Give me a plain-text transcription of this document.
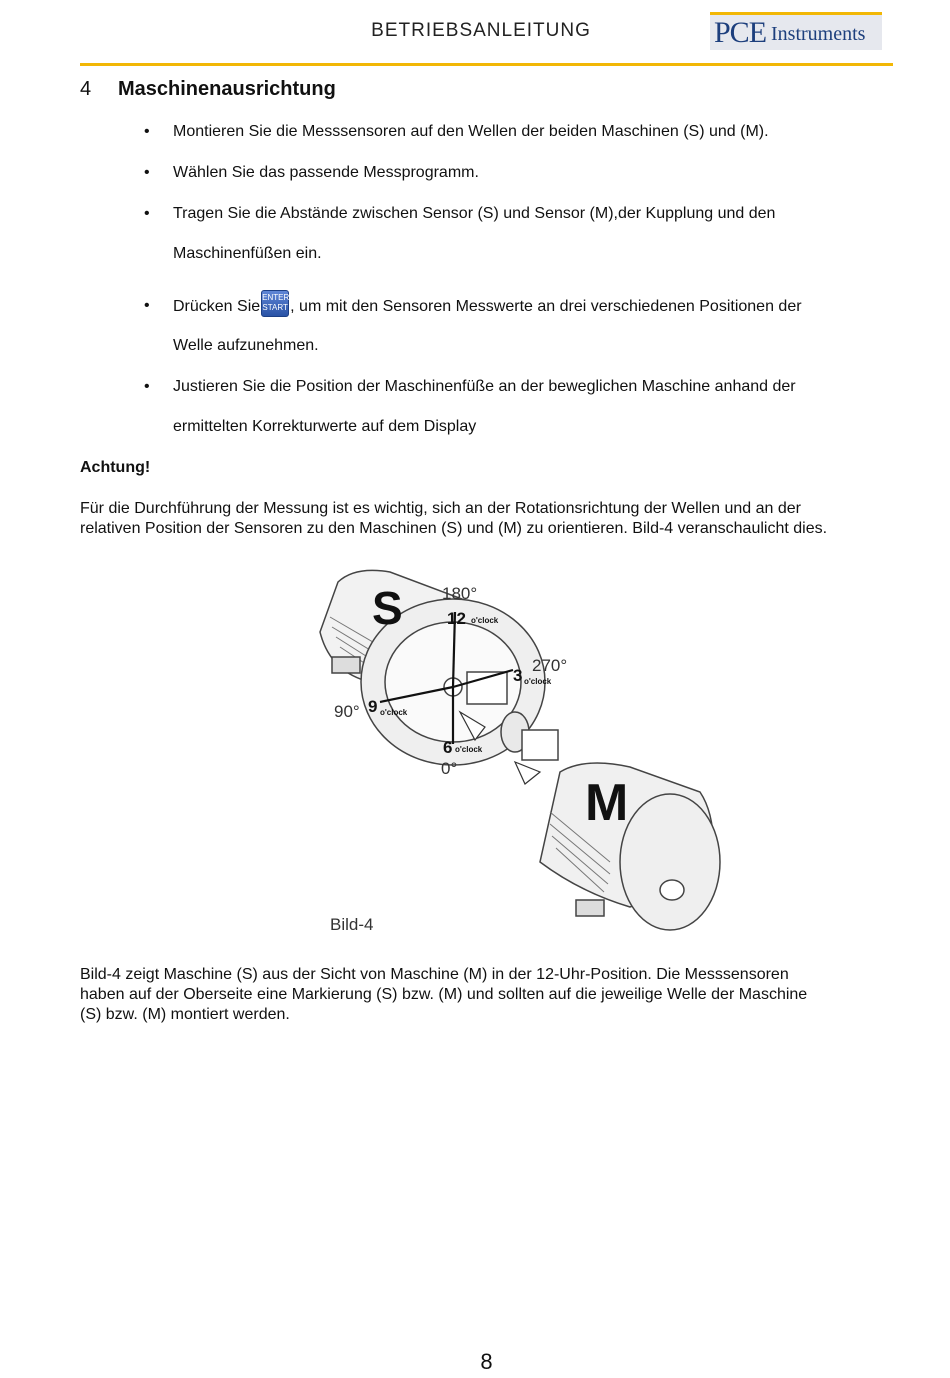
BETRIEBSANLEITUNG	PCE Instruments
4 Maschinenausrichtung
• Montieren Sie die Messsensoren auf den Wellen der beiden Maschinen (S) und (M).
• Wählen Sie das passende Messprogramm.
• Tragen Sie die Abstände zwischen Sensor (S) und Sensor (M),der Kupplung und den
Maschinenfüßen ein.
• Drücken SieENTER
START , um mit den Sensoren Messwerte an drei verschiedenen Positionen der
Welle aufzunehmen.
• Justieren Sie die Position der Maschinenfüße an der beweglichen Maschine anhand der
ermittelten Korrekturwerte auf dem Display
Achtung!
Für die Durchführung der Messung ist es wichtig, sich an der Rotationsrichtung der Wellen und an der
relativen Position der Sensoren zu den Maschinen (S) und (M) zu orientieren. Bild-4 veranschaulicht dies.
S
M
180°
12 o'clock
270°
3 o'clock
90° 9 o'clock
6 o'clock
0°
Bild-4
Bild-4 zeigt Maschine (S) aus der Sicht von Maschine (M) in der 12-Uhr-Position. Die Messsensoren
haben auf der Oberseite eine Markierung (S) bzw. (M) und sollten auf die jeweilige Welle der Maschine
(S) bzw. (M) montiert werden.
8
